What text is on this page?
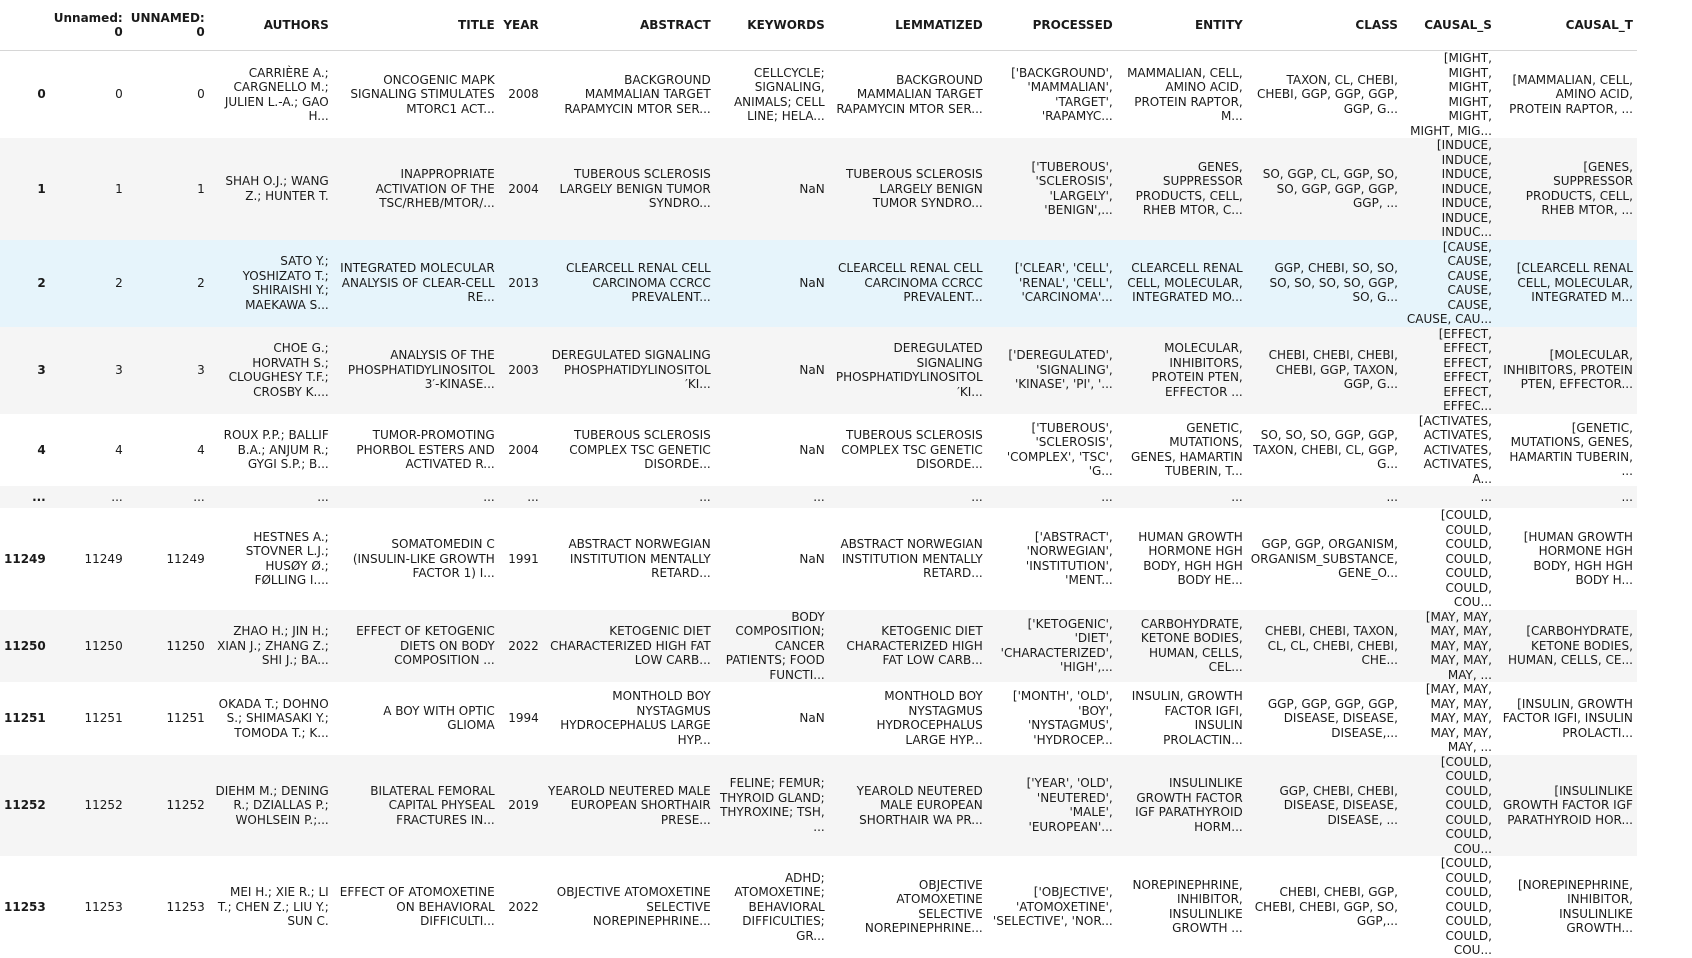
	Unnamed: 0	UNNAMED: 0	AUTHORS	TITLE	YEAR	ABSTRACT	KEYWORDS	LEMMATIZED	PROCESSED	ENTITY	CLASS	CAUSAL_S	CAUSAL_T
0	0	0	CARRIÈRE A.; CARGNELLO M.; JULIEN L.-A.; GAO H...	ONCOGENIC MAPK SIGNALING STIMULATES MTORC1 ACT...	2008	BACKGROUND MAMMALIAN TARGET RAPAMYCIN MTOR SER...	CELLCYCLE; SIGNALING, ANIMALS; CELL LINE; HELA...	BACKGROUND MAMMALIAN TARGET RAPAMYCIN MTOR SER...	['BACKGROUND', 'MAMMALIAN', 'TARGET', 'RAPAMYC...	MAMMALIAN, CELL, AMINO ACID, PROTEIN RAPTOR, M...	TAXON, CL, CHEBI, CHEBI, GGP, GGP, GGP, GGP, G...	[MIGHT, MIGHT, MIGHT, MIGHT, MIGHT, MIGHT, MIG...	[MAMMALIAN, CELL, AMINO ACID, PROTEIN RAPTOR, ...
1	1	1	SHAH O.J.; WANG Z.; HUNTER T.	INAPPROPRIATE ACTIVATION OF THE TSC/RHEB/MTOR/...	2004	TUBEROUS SCLEROSIS LARGELY BENIGN TUMOR SYNDRO...	NaN	TUBEROUS SCLEROSIS LARGELY BENIGN TUMOR SYNDRO...	['TUBEROUS', 'SCLEROSIS', 'LARGELY', 'BENIGN',...	GENES, SUPPRESSOR PRODUCTS, CELL, RHEB MTOR, C...	SO, GGP, CL, GGP, SO, SO, GGP, GGP, GGP, GGP, ...	[INDUCE, INDUCE, INDUCE, INDUCE, INDUCE, INDUCE, INDUC...	[GENES, SUPPRESSOR PRODUCTS, CELL, RHEB MTOR, ...
2	2	2	SATO Y.; YOSHIZATO T.; SHIRAISHI Y.; MAEKAWA S...	INTEGRATED MOLECULAR ANALYSIS OF CLEAR-CELL RE...	2013	CLEARCELL RENAL CELL CARCINOMA CCRCC PREVALENT...	NaN	CLEARCELL RENAL CELL CARCINOMA CCRCC PREVALENT...	['CLEAR', 'CELL', 'RENAL', 'CELL', 'CARCINOMA'...	CLEARCELL RENAL CELL, MOLECULAR, INTEGRATED MO...	GGP, CHEBI, SO, SO, SO, SO, SO, SO, GGP, SO, G...	[CAUSE, CAUSE, CAUSE, CAUSE, CAUSE, CAUSE, CAU...	[CLEARCELL RENAL CELL, MOLECULAR, INTEGRATED M...
3	3	3	CHOE G.; HORVATH S.; CLOUGHESY T.F.; CROSBY K....	ANALYSIS OF THE PHOSPHATIDYLINOSITOL 3′-KINASE...	2003	DEREGULATED SIGNALING PHOSPHATIDYLINOSITOL ′KI...	NaN	DEREGULATED SIGNALING PHOSPHATIDYLINOSITOL ′KI...	['DEREGULATED', 'SIGNALING', 'KINASE', 'PI', '...	MOLECULAR, INHIBITORS, PROTEIN PTEN, EFFECTOR ...	CHEBI, CHEBI, CHEBI, CHEBI, GGP, TAXON, GGP, G...	[EFFECT, EFFECT, EFFECT, EFFECT, EFFECT, EFFEC...	[MOLECULAR, INHIBITORS, PROTEIN PTEN, EFFECTOR...
4	4	4	ROUX P.P.; BALLIF B.A.; ANJUM R.; GYGI S.P.; B...	TUMOR-PROMOTING PHORBOL ESTERS AND ACTIVATED R...	2004	TUBEROUS SCLEROSIS COMPLEX TSC GENETIC DISORDE...	NaN	TUBEROUS SCLEROSIS COMPLEX TSC GENETIC DISORDE...	['TUBEROUS', 'SCLEROSIS', 'COMPLEX', 'TSC', 'G...	GENETIC, MUTATIONS, GENES, HAMARTIN TUBERIN, T...	SO, SO, SO, GGP, GGP, TAXON, CHEBI, CL, GGP, G...	[ACTIVATES, ACTIVATES, ACTIVATES, ACTIVATES, A...	[GENETIC, MUTATIONS, GENES, HAMARTIN TUBERIN, ...
...	...	...	...	...	...	...	...	...	...	...	...	...	...
11249	11249	11249	HESTNES A.; STOVNER L.J.; HUSØY Ø.; FØLLING I....	SOMATOMEDIN C (INSULIN-LIKE GROWTH FACTOR 1) I...	1991	ABSTRACT NORWEGIAN INSTITUTION MENTALLY RETARD...	NaN	ABSTRACT NORWEGIAN INSTITUTION MENTALLY RETARD...	['ABSTRACT', 'NORWEGIAN', 'INSTITUTION', 'MENT...	HUMAN GROWTH HORMONE HGH BODY, HGH HGH BODY HE...	GGP, GGP, ORGANISM, ORGANISM_SUBSTANCE, GENE_O...	[COULD, COULD, COULD, COULD, COULD, COULD, COU...	[HUMAN GROWTH HORMONE HGH BODY, HGH HGH BODY H...
11250	11250	11250	ZHAO H.; JIN H.; XIAN J.; ZHANG Z.; SHI J.; BA...	EFFECT OF KETOGENIC DIETS ON BODY COMPOSITION ...	2022	KETOGENIC DIET CHARACTERIZED HIGH FAT LOW CARB...	BODY COMPOSITION; CANCER PATIENTS; FOOD FUNCTI...	KETOGENIC DIET CHARACTERIZED HIGH FAT LOW CARB...	['KETOGENIC', 'DIET', 'CHARACTERIZED', 'HIGH',...	CARBOHYDRATE, KETONE BODIES, HUMAN, CELLS, CEL...	CHEBI, CHEBI, TAXON, CL, CL, CHEBI, CHEBI, CHE...	[MAY, MAY, MAY, MAY, MAY, MAY, MAY, MAY, MAY, ...	[CARBOHYDRATE, KETONE BODIES, HUMAN, CELLS, CE...
11251	11251	11251	OKADA T.; DOHNO S.; SHIMASAKI Y.; TOMODA T.; K...	A BOY WITH OPTIC GLIOMA	1994	MONTHOLD BOY NYSTAGMUS HYDROCEPHALUS LARGE HYP...	NaN	MONTHOLD BOY NYSTAGMUS HYDROCEPHALUS LARGE HYP...	['MONTH', 'OLD', 'BOY', 'NYSTAGMUS', 'HYDROCEP...	INSULIN, GROWTH FACTOR IGFI, INSULIN PROLACTIN...	GGP, GGP, GGP, GGP, DISEASE, DISEASE, DISEASE,...	[MAY, MAY, MAY, MAY, MAY, MAY, MAY, MAY, MAY, ...	[INSULIN, GROWTH FACTOR IGFI, INSULIN PROLACTI...
11252	11252	11252	DIEHM M.; DENING R.; DZIALLAS P.; WOHLSEIN P.;...	BILATERAL FEMORAL CAPITAL PHYSEAL FRACTURES IN...	2019	YEAROLD NEUTERED MALE EUROPEAN SHORTHAIR PRESE...	FELINE; FEMUR; THYROID GLAND; THYROXINE; TSH, ...	YEAROLD NEUTERED MALE EUROPEAN SHORTHAIR WA PR...	['YEAR', 'OLD', 'NEUTERED', 'MALE', 'EUROPEAN'...	INSULINLIKE GROWTH FACTOR IGF PARATHYROID HORM...	GGP, CHEBI, CHEBI, DISEASE, DISEASE, DISEASE, ...	[COULD, COULD, COULD, COULD, COULD, COULD, COU...	[INSULINLIKE GROWTH FACTOR IGF PARATHYROID HOR...
11253	11253	11253	MEI H.; XIE R.; LI T.; CHEN Z.; LIU Y.; SUN C.	EFFECT OF ATOMOXETINE ON BEHAVIORAL DIFFICULTI...	2022	OBJECTIVE ATOMOXETINE SELECTIVE NOREPINEPHRINE...	ADHD; ATOMOXETINE; BEHAVIORAL DIFFICULTIES; GR...	OBJECTIVE ATOMOXETINE SELECTIVE NOREPINEPHRINE...	['OBJECTIVE', 'ATOMOXETINE', 'SELECTIVE', 'NOR...	NOREPINEPHRINE, INHIBITOR, INSULINLIKE GROWTH ...	CHEBI, CHEBI, GGP, CHEBI, CHEBI, GGP, SO, GGP,...	[COULD, COULD, COULD, COULD, COULD, COULD, COU...	[NOREPINEPHRINE, INHIBITOR, INSULINLIKE GROWTH...
